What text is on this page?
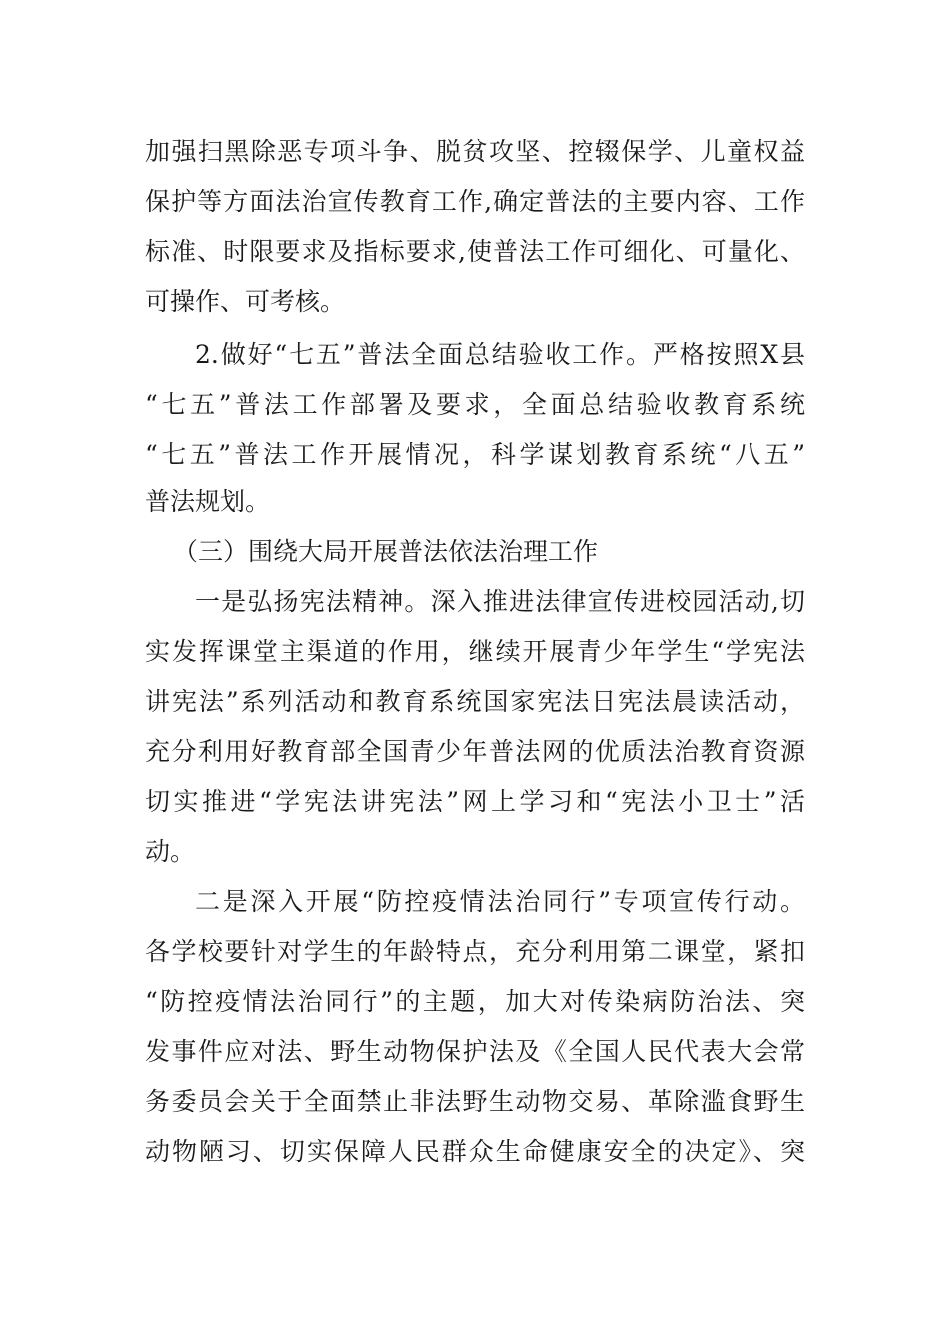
加强扫黑除恶专项斗争、脱贫攻坚、控辍保学、儿童权益
保护等方面法治宣传教育工作,确定普法的主要内容、工作
标准、时限要求及指标要求,使普法工作可细化、可量化、
可操作、可考核。
2.做好“七五”普法全面总结验收工作。严格按照X县
“七五”普法工作部署及要求，全面总结验收教育系统
“七五”普法工作开展情况，科学谋划教育系统“八五”
普法规划。
（三）围绕大局开展普法依法治理工作
一是弘扬宪法精神。深入推进法律宣传进校园活动,切
实发挥课堂主渠道的作用，继续开展青少年学生“学宪法
讲宪法”系列活动和教育系统国家宪法日宪法晨读活动，
充分利用好教育部全国青少年普法网的优质法治教育资源
切实推进“学宪法讲宪法”网上学习和“宪法小卫士”活
动。
二是深入开展“防控疫情法治同行”专项宣传行动。
各学校要针对学生的年龄特点，充分利用第二课堂，紧扣
“防控疫情法治同行”的主题，加大对传染病防治法、突
发事件应对法、野生动物保护法及《全国人民代表大会常
务委员会关于全面禁止非法野生动物交易、革除滥食野生
动物陋习、切实保障人民群众生命健康安全的决定》、突
